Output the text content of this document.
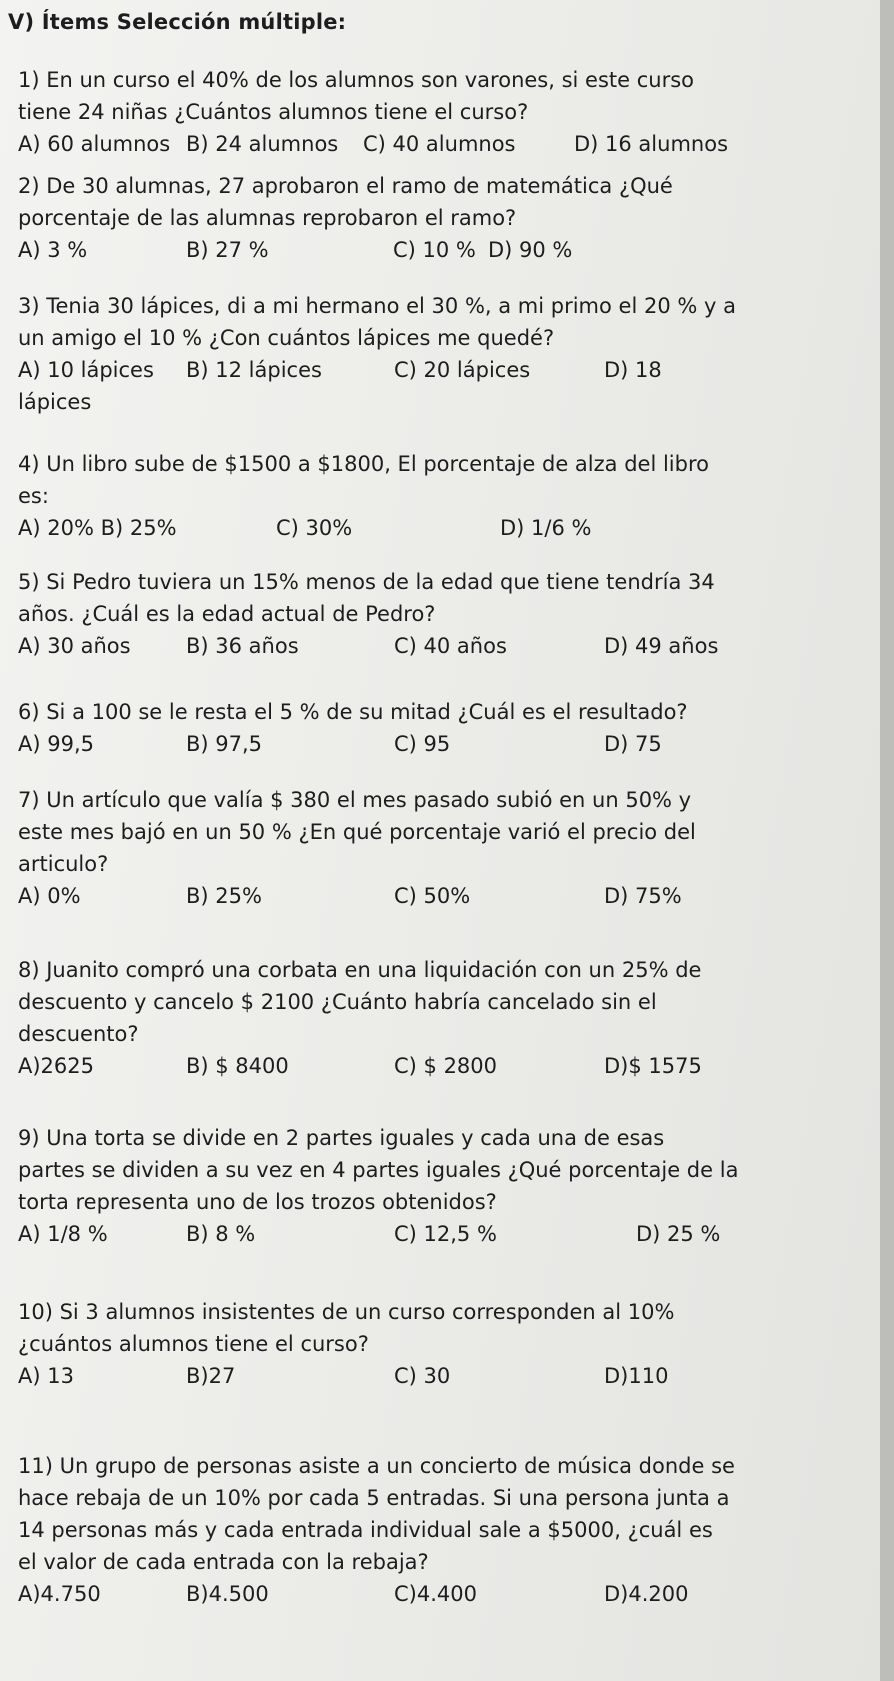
V) Ítems Selección múltiple:
1) En un curso el 40% de los alumnos son varones, si este curso
tiene 24 niñas ¿Cuántos alumnos tiene el curso?
A) 60 alumnos B) 24 alumnos C) 40 alumnos	D) 16 alumnos
2) De 30 alumnas, 27 aprobaron el ramo de matemática ¿Qué
porcentaje de las alumnas reprobaron el ramo?
A) 3 %	B) 27 %	C) 10 % D) 90 %
3) Tenia 30 lápices, di a mi hermano el 30 %, a mi primo el 20 % y a
un amigo el 10 % ¿Con cuántos lápices me quedé?
A) 10 lápices B) 12 lápices	C) 20 lápices	D) 18
lápices
4) Un libro sube de $1500 a $1800, El porcentaje de alza del libro
es:
A) 20% B) 25%	C) 30%	D) 1/6 %
5) Si Pedro tuviera un 15% menos de la edad que tiene tendría 34
años. ¿Cuál es la edad actual de Pedro?
A) 30 años	B) 36 años	C) 40 años	D) 49 años
6) Si a 100 se le resta el 5 % de su mitad ¿Cuál es el resultado?
A) 99,5	B) 97,5	C) 95	D) 75
7) Un artículo que valía $ 380 el mes pasado subió en un 50% y
este mes bajó en un 50 % ¿En qué porcentaje varió el precio del
articulo?
A) 0%	B) 25%	C) 50%	D) 75%
8) Juanito compró una corbata en una liquidación con un 25% de
descuento y cancelo $ 2100 ¿Cuánto habría cancelado sin el
descuento?
A)2625	B) $ 8400	C) $ 2800	D)$ 1575
9) Una torta se divide en 2 partes iguales y cada una de esas
partes se dividen a su vez en 4 partes iguales ¿Qué porcentaje de la
torta representa uno de los trozos obtenidos?
A) 1/8 %	B) 8 %	C) 12,5 %	D) 25 %
10) Si 3 alumnos insistentes de un curso corresponden al 10%
¿cuántos alumnos tiene el curso?
A) 13	B)27	C) 30	D)110
11) Un grupo de personas asiste a un concierto de música donde se
hace rebaja de un 10% por cada 5 entradas. Si una persona junta a
14 personas más y cada entrada individual sale a $5000, ¿cuál es
el valor de cada entrada con la rebaja?
A)4.750	B)4.500	C)4.400	D)4.200
